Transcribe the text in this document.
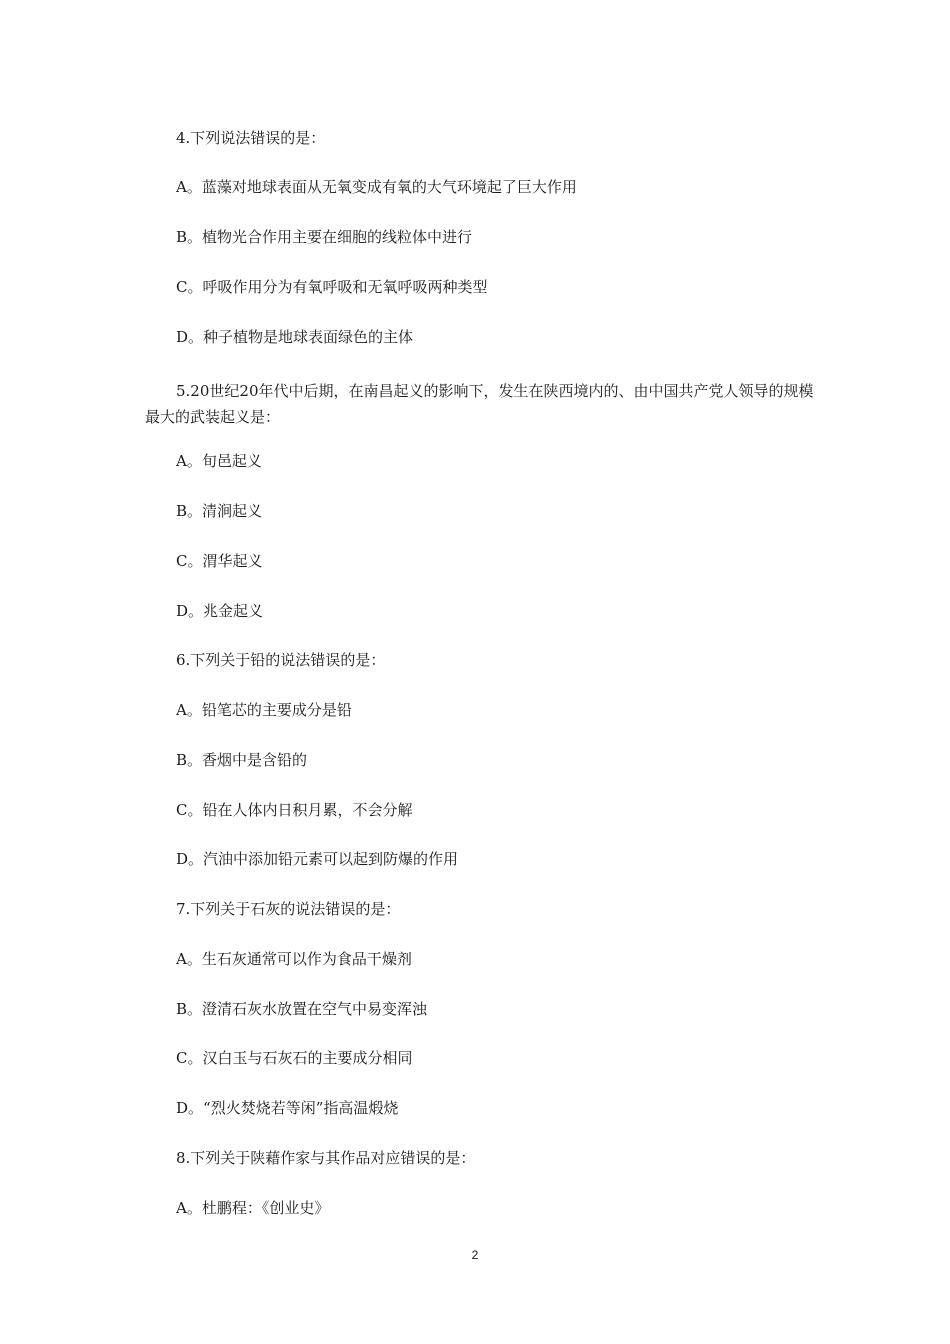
4.下列说法错误的是：
A。蓝藻对地球表面从无氧变成有氧的大气环境起了巨大作用
B。植物光合作用主要在细胞的线粒体中进行
C。呼吸作用分为有氧呼吸和无氧呼吸两种类型
D。种子植物是地球表面绿色的主体
5.20世纪20年代中后期，在南昌起义的影响下，发生在陕西境内的、由中国共产党人领导的规模最大的武装起义是：
A。旬邑起义
B。清涧起义
C。渭华起义
D。兆金起义
6.下列关于铅的说法错误的是：
A。铅笔芯的主要成分是铅
B。香烟中是含铅的
C。铅在人体内日积月累，不会分解
D。汽油中添加铅元素可以起到防爆的作用
7.下列关于石灰的说法错误的是：
A。生石灰通常可以作为食品干燥剂
B。澄清石灰水放置在空气中易变浑浊
C。汉白玉与石灰石的主要成分相同
D。“烈火焚烧若等闲”指高温煅烧
8.下列关于陕藉作家与其作品对应错误的是：
A。杜鹏程：《创业史》
2
